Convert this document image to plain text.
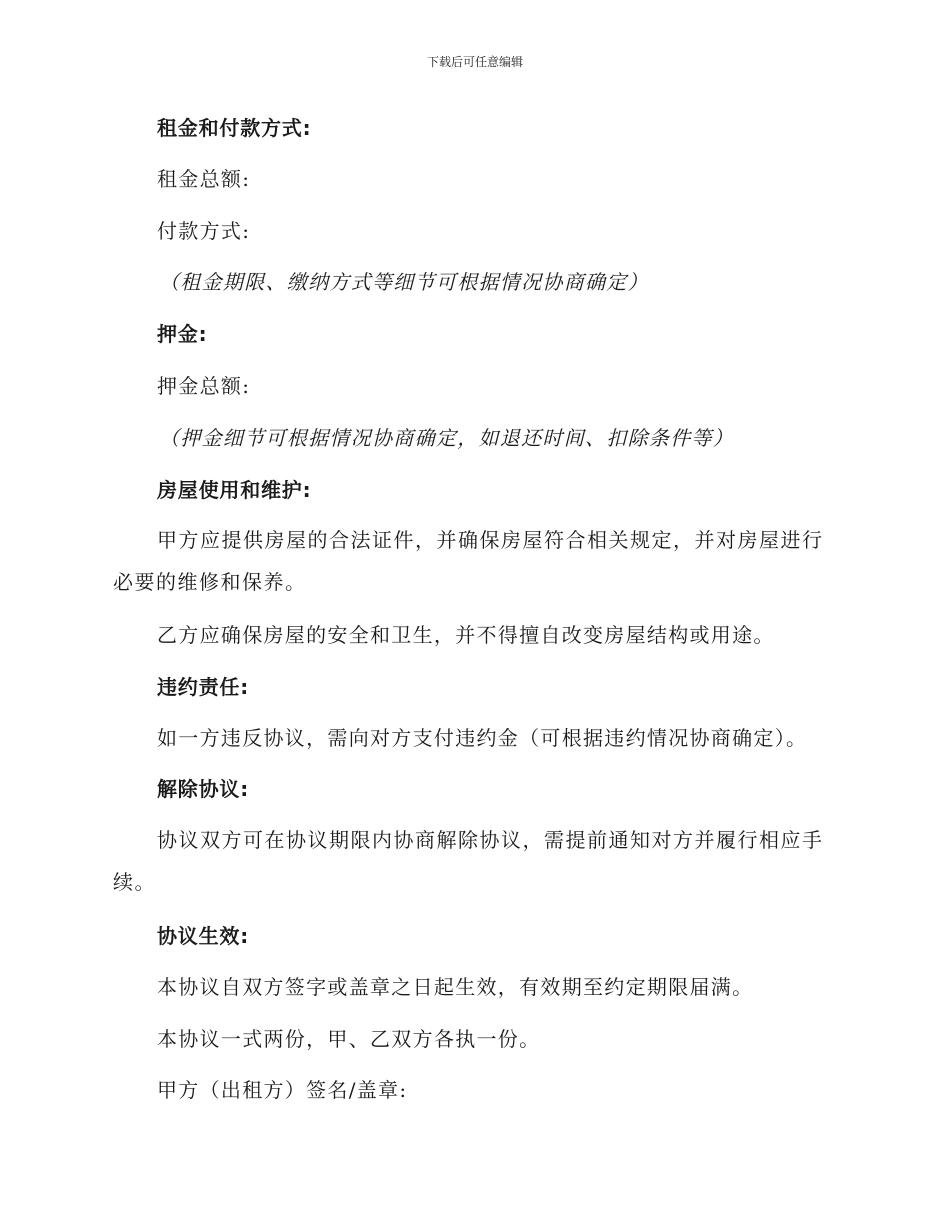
下载后可任意编辑
租金和付款方式:
租金总额:
付款方式:
（租金期限、缴纳方式等细节可根据情况协商确定）
押金:
押金总额:
（押金细节可根据情况协商确定，如退还时间、扣除条件等）
房屋使用和维护:
甲方应提供房屋的合法证件，并确保房屋符合相关规定，并对房屋进行必要的维修和保养。
乙方应确保房屋的安全和卫生，并不得擅自改变房屋结构或用途。
违约责任:
如一方违反协议，需向对方支付违约金（可根据违约情况协商确定）。
解除协议:
协议双方可在协议期限内协商解除协议，需提前通知对方并履行相应手续。
协议生效:
本协议自双方签字或盖章之日起生效，有效期至约定期限届满。
本协议一式两份，甲、乙双方各执一份。
甲方（出租方）签名/盖章:
